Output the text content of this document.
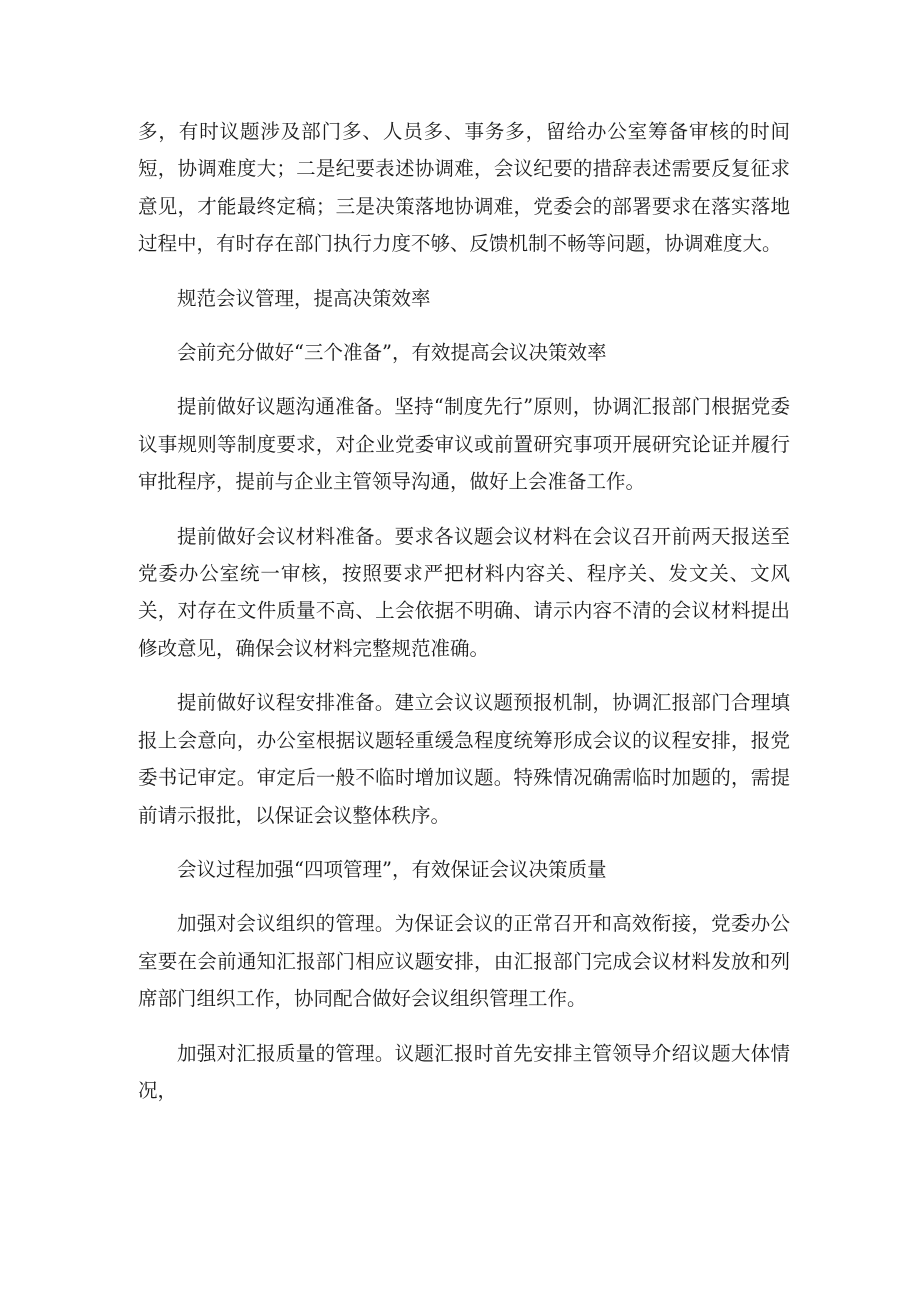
多，有时议题涉及部门多、人员多、事务多，留给办公室筹备审核的时间短，协调难度大；二是纪要表述协调难，会议纪要的措辞表述需要反复征求意见，才能最终定稿；三是决策落地协调难，党委会的部署要求在落实落地过程中，有时存在部门执行力度不够、反馈机制不畅等问题，协调难度大。

规范会议管理，提高决策效率

会前充分做好“三个准备”，有效提高会议决策效率

提前做好议题沟通准备。坚持“制度先行”原则，协调汇报部门根据党委议事规则等制度要求，对企业党委审议或前置研究事项开展研究论证并履行审批程序，提前与企业主管领导沟通，做好上会准备工作。

提前做好会议材料准备。要求各议题会议材料在会议召开前两天报送至党委办公室统一审核，按照要求严把材料内容关、程序关、发文关、文风关，对存在文件质量不高、上会依据不明确、请示内容不清的会议材料提出修改意见，确保会议材料完整规范准确。

提前做好议程安排准备。建立会议议题预报机制，协调汇报部门合理填报上会意向，办公室根据议题轻重缓急程度统筹形成会议的议程安排，报党委书记审定。审定后一般不临时增加议题。特殊情况确需临时加题的，需提前请示报批，以保证会议整体秩序。

会议过程加强“四项管理”，有效保证会议决策质量

加强对会议组织的管理。为保证会议的正常召开和高效衔接，党委办公室要在会前通知汇报部门相应议题安排，由汇报部门完成会议材料发放和列席部门组织工作，协同配合做好会议组织管理工作。

加强对汇报质量的管理。议题汇报时首先安排主管领导介绍议题大体情况，
